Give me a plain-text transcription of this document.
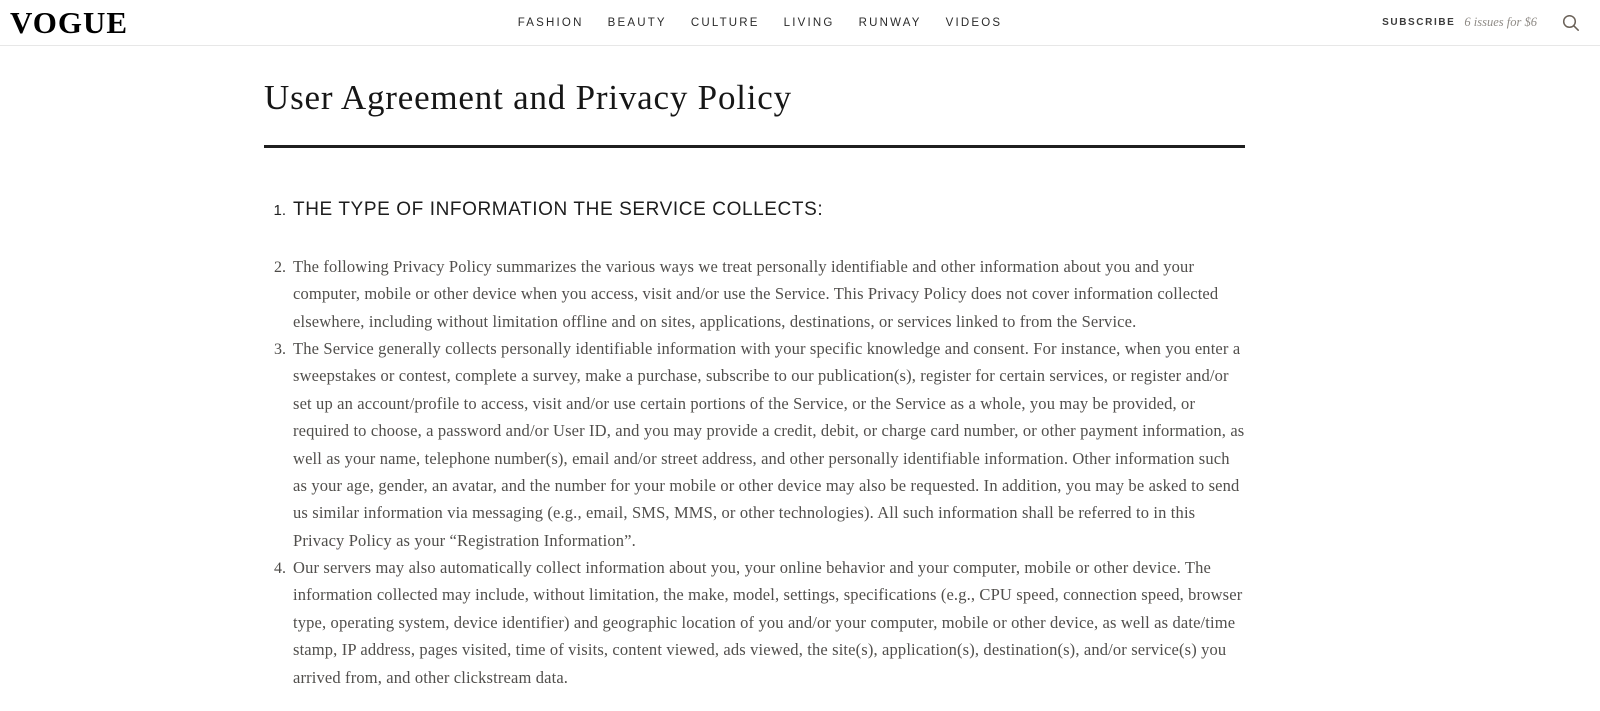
VOGUE	FASHION BEAUTY CULTURE LIVING RUNWAY VIDEOS	SUBSCRIBE 6 issues for $6
User Agreement and Privacy Policy
1. THE TYPE OF INFORMATION THE SERVICE COLLECTS:
2. The following Privacy Policy summarizes the various ways we treat personally identifiable and other information about you and your computer, mobile or other device when you access, visit and/or use the Service. This Privacy Policy does not cover information collected elsewhere, including without limitation offline and on sites, applications, destinations, or services linked to from the Service.
3. The Service generally collects personally identifiable information with your specific knowledge and consent. For instance, when you enter a sweepstakes or contest, complete a survey, make a purchase, subscribe to our publication(s), register for certain services, or register and/or set up an account/profile to access, visit and/or use certain portions of the Service, or the Service as a whole, you may be provided, or required to choose, a password and/or User ID, and you may provide a credit, debit, or charge card number, or other payment information, as well as your name, telephone number(s), email and/or street address, and other personally identifiable information. Other information such as your age, gender, an avatar, and the number for your mobile or other device may also be requested. In addition, you may be asked to send us similar information via messaging (e.g., email, SMS, MMS, or other technologies). All such information shall be referred to in this Privacy Policy as your “Registration Information”.
4. Our servers may also automatically collect information about you, your online behavior and your computer, mobile or other device. The information collected may include, without limitation, the make, model, settings, specifications (e.g., CPU speed, connection speed, browser type, operating system, device identifier) and geographic location of you and/or your computer, mobile or other device, as well as date/time stamp, IP address, pages visited, time of visits, content viewed, ads viewed, the site(s), application(s), destination(s), and/or service(s) you arrived from, and other clickstream data.
